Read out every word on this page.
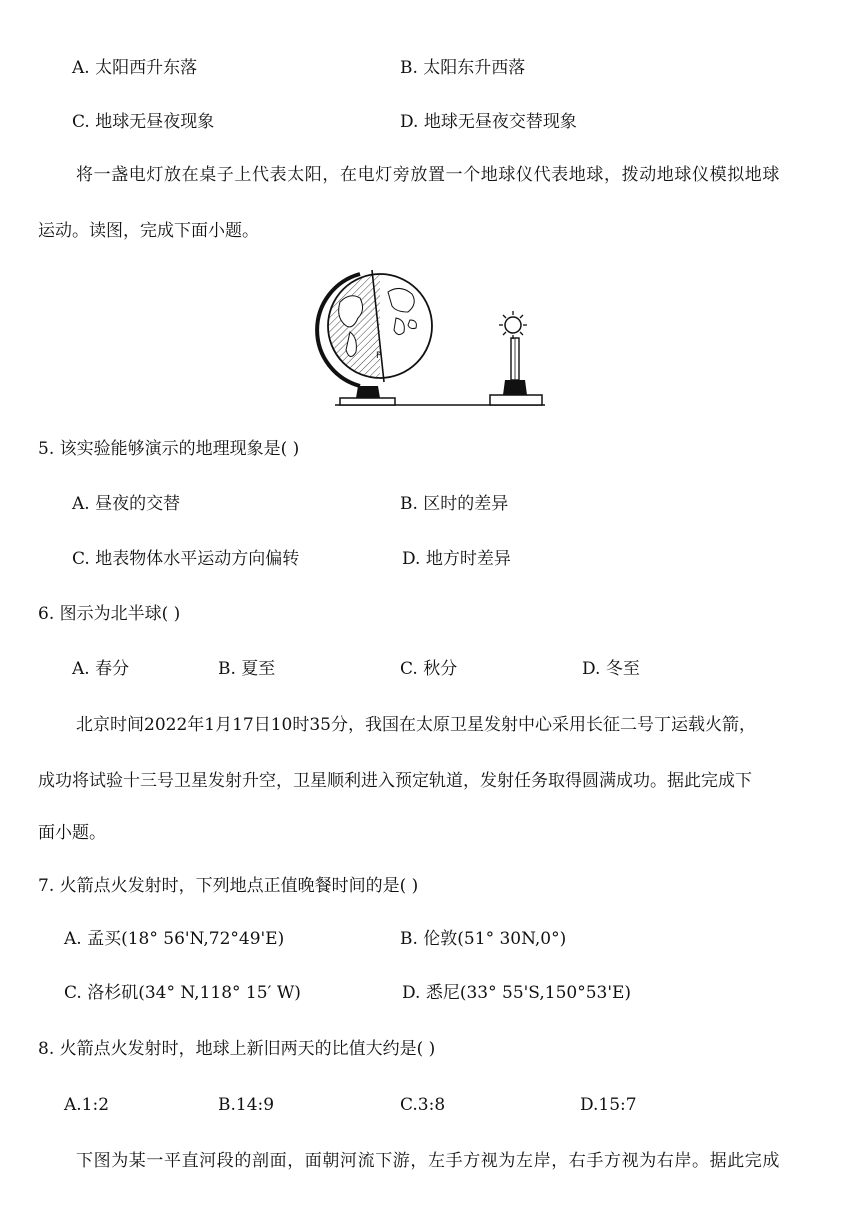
A. 太阳西升东落	B. 太阳东升西落
C. 地球无昼夜现象	D. 地球无昼夜交替现象
将一盏电灯放在桌子上代表太阳，在电灯旁放置一个地球仪代表地球，拨动地球仪模拟地球
运动。读图，完成下面小题。
P
5. 该实验能够演示的地理现象是( )
A. 昼夜的交替	B. 区时的差异
C. 地表物体水平运动方向偏转	D. 地方时差异
6. 图示为北半球( )
A. 春分	B. 夏至	C. 秋分	D. 冬至
北京时间2022年1月17日10时35分，我国在太原卫星发射中心采用长征二号丁运载火箭，
成功将试验十三号卫星发射升空，卫星顺利进入预定轨道，发射任务取得圆满成功。据此完成下
面小题。
7. 火箭点火发射时，下列地点正值晚餐时间的是( )
A. 孟买(18° 56'N,72°49'E)	B. 伦敦(51° 30N,0°)
C. 洛杉矶(34° N,118° 15′ W)	D. 悉尼(33° 55'S,150°53'E)
8. 火箭点火发射时，地球上新旧两天的比值大约是( )
A.1:2	B.14:9	C.3:8	D.15:7
下图为某一平直河段的剖面，面朝河流下游，左手方视为左岸，右手方视为右岸。据此完成
